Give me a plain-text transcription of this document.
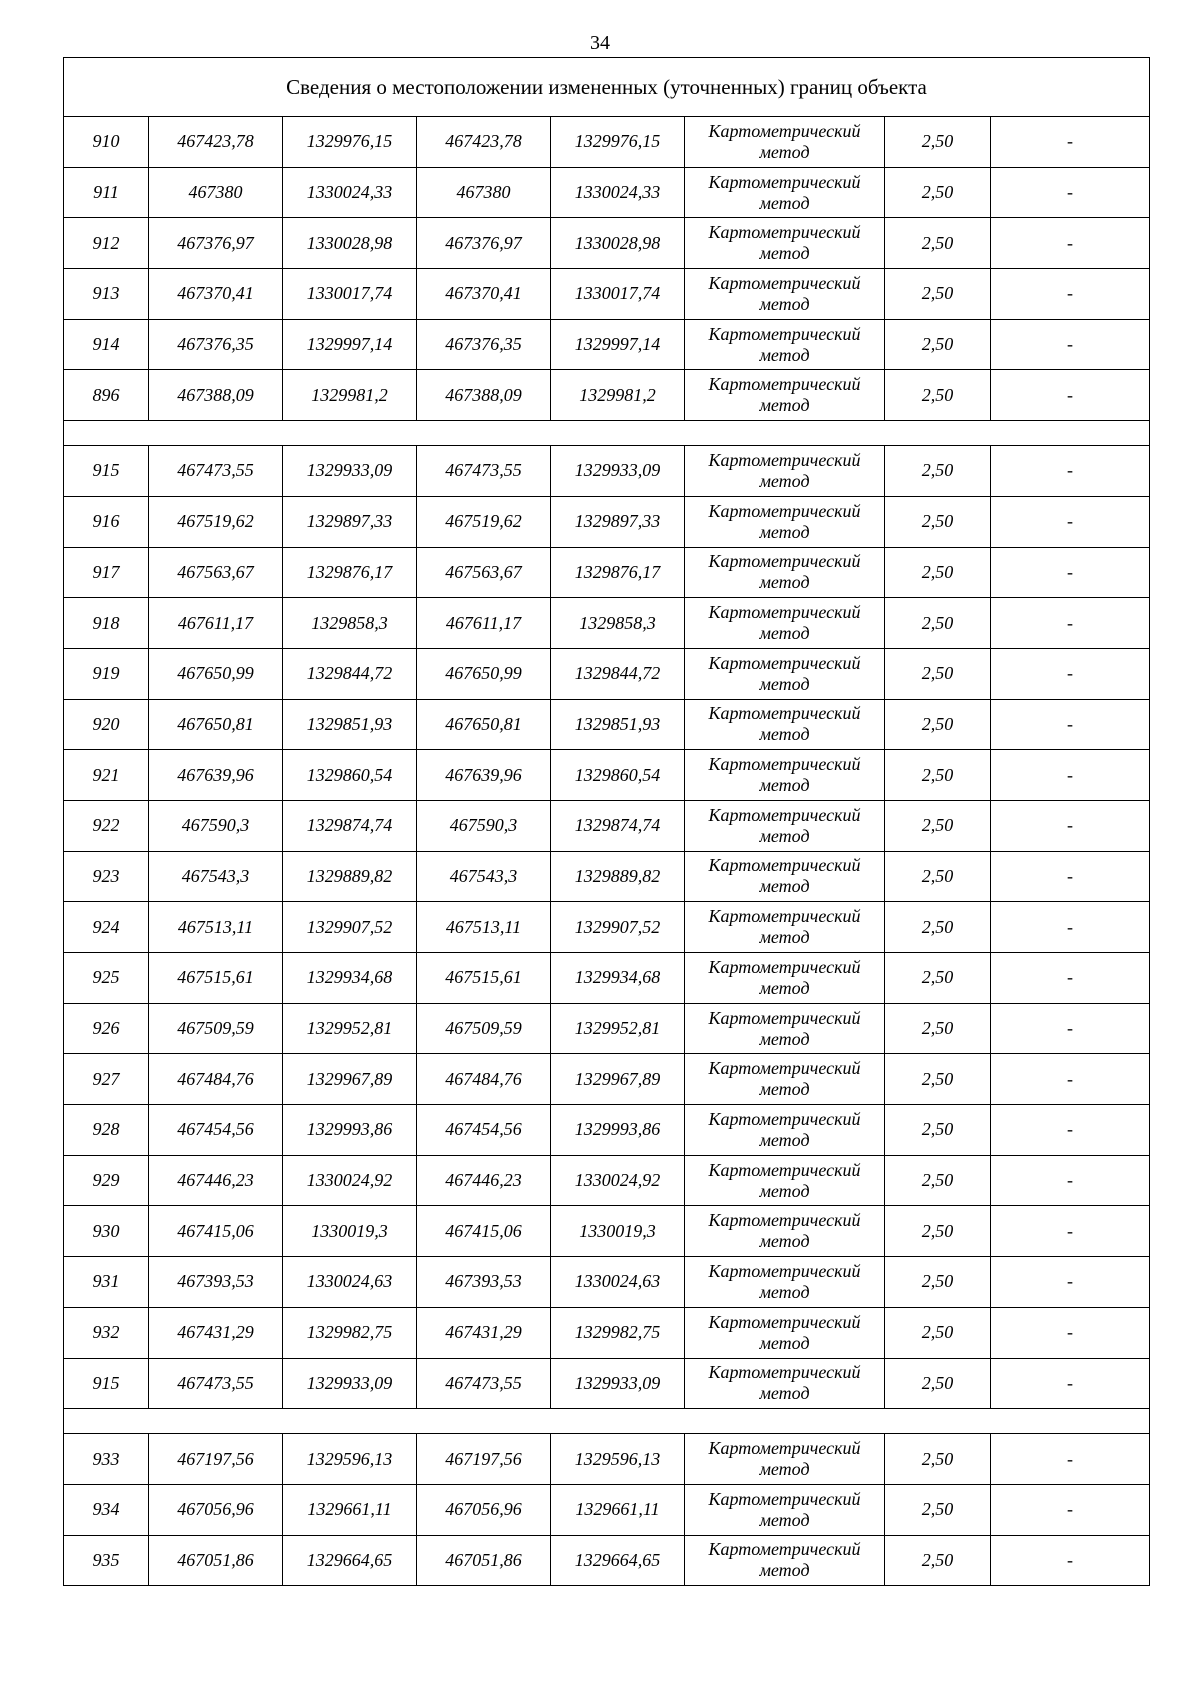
34
Сведения о местоположении измененных (уточненных) границ объекта							
910	467423,78	1329976,15	467423,78	1329976,15	Картометрический
метод	2,50	-
911	467380	1330024,33	467380	1330024,33	Картометрический
метод	2,50	-
912	467376,97	1330028,98	467376,97	1330028,98	Картометрический
метод	2,50	-
913	467370,41	1330017,74	467370,41	1330017,74	Картометрический
метод	2,50	-
914	467376,35	1329997,14	467376,35	1329997,14	Картометрический
метод	2,50	-
896	467388,09	1329981,2	467388,09	1329981,2	Картометрический
метод	2,50	-

915	467473,55	1329933,09	467473,55	1329933,09	Картометрический
метод	2,50	-
916	467519,62	1329897,33	467519,62	1329897,33	Картометрический
метод	2,50	-
917	467563,67	1329876,17	467563,67	1329876,17	Картометрический
метод	2,50	-
918	467611,17	1329858,3	467611,17	1329858,3	Картометрический
метод	2,50	-
919	467650,99	1329844,72	467650,99	1329844,72	Картометрический
метод	2,50	-
920	467650,81	1329851,93	467650,81	1329851,93	Картометрический
метод	2,50	-
921	467639,96	1329860,54	467639,96	1329860,54	Картометрический
метод	2,50	-
922	467590,3	1329874,74	467590,3	1329874,74	Картометрический
метод	2,50	-
923	467543,3	1329889,82	467543,3	1329889,82	Картометрический
метод	2,50	-
924	467513,11	1329907,52	467513,11	1329907,52	Картометрический
метод	2,50	-
925	467515,61	1329934,68	467515,61	1329934,68	Картометрический
метод	2,50	-
926	467509,59	1329952,81	467509,59	1329952,81	Картометрический
метод	2,50	-
927	467484,76	1329967,89	467484,76	1329967,89	Картометрический
метод	2,50	-
928	467454,56	1329993,86	467454,56	1329993,86	Картометрический
метод	2,50	-
929	467446,23	1330024,92	467446,23	1330024,92	Картометрический
метод	2,50	-
930	467415,06	1330019,3	467415,06	1330019,3	Картометрический
метод	2,50	-
931	467393,53	1330024,63	467393,53	1330024,63	Картометрический
метод	2,50	-
932	467431,29	1329982,75	467431,29	1329982,75	Картометрический
метод	2,50	-
915	467473,55	1329933,09	467473,55	1329933,09	Картометрический
метод	2,50	-

933	467197,56	1329596,13	467197,56	1329596,13	Картометрический
метод	2,50	-
934	467056,96	1329661,11	467056,96	1329661,11	Картометрический
метод	2,50	-
935	467051,86	1329664,65	467051,86	1329664,65	Картометрический
метод	2,50	-
